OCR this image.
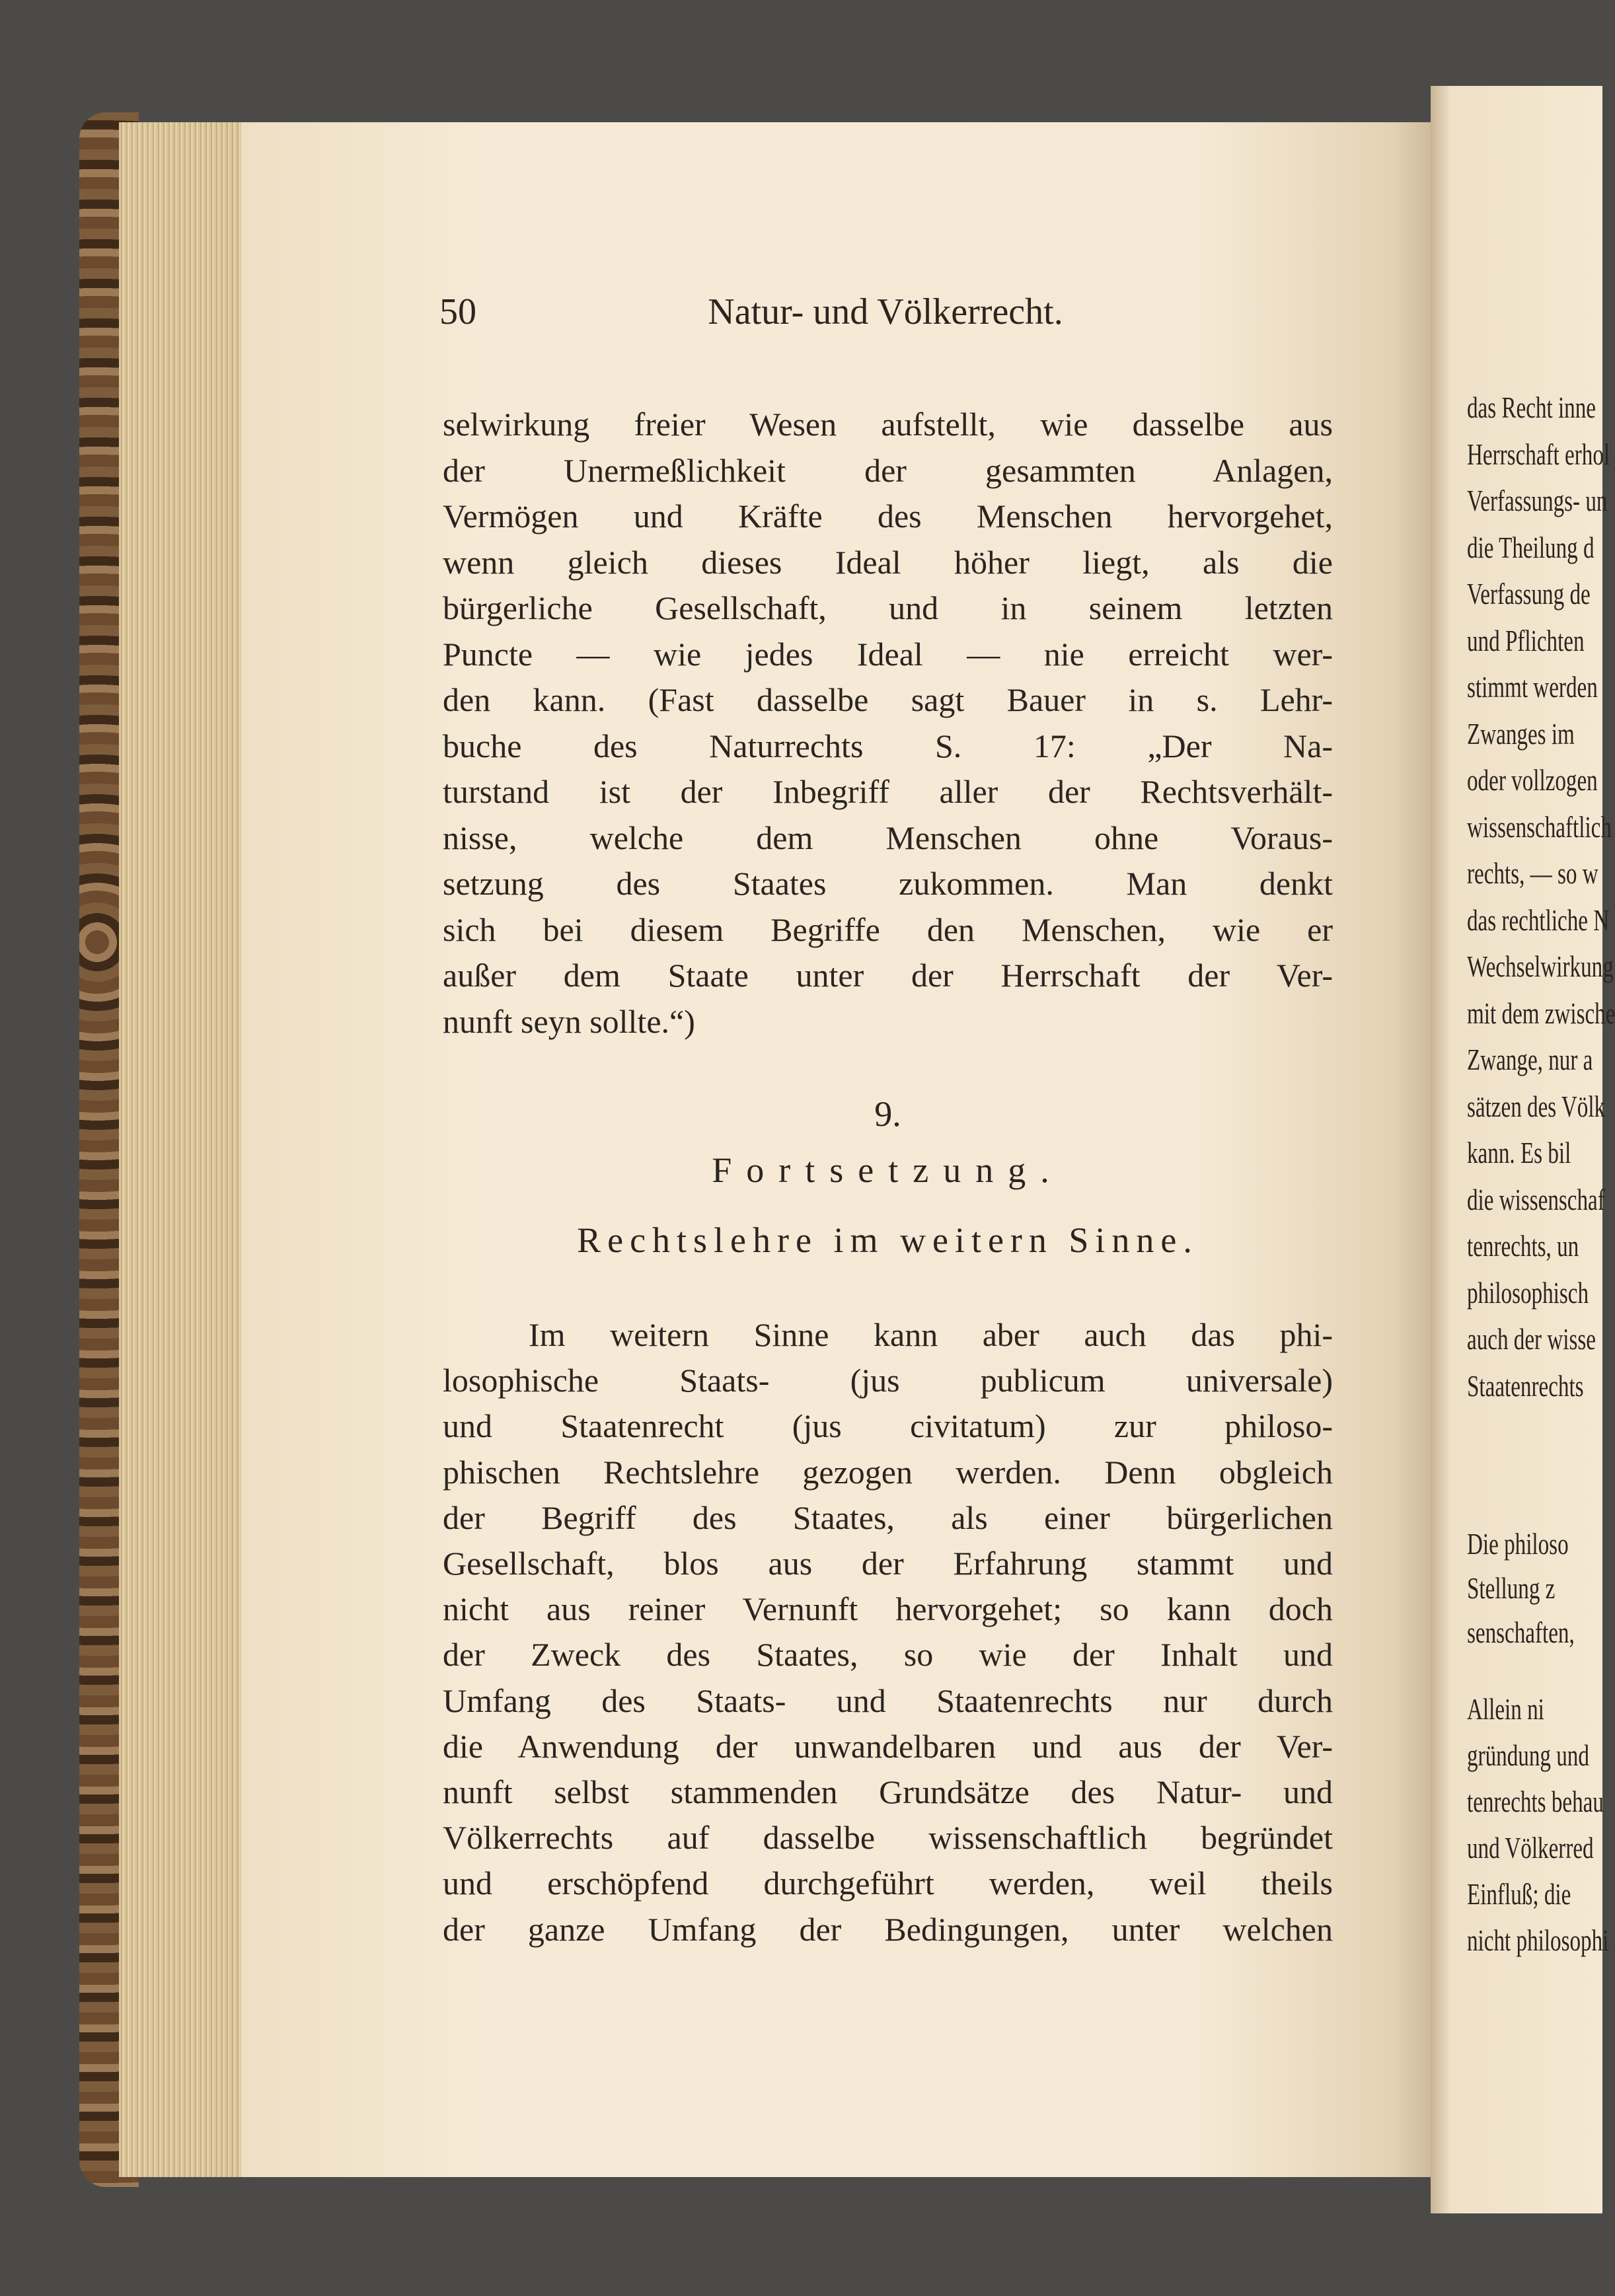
50	Natur- und Völkerrecht.
selwirkung freier Wesen aufstellt, wie dasselbe aus
der Unermeßlichkeit der gesammten Anlagen,
Vermögen und Kräfte des Menschen hervorgehet,
wenn gleich dieses Ideal höher liegt, als die
bürgerliche Gesellschaft, und in seinem letzten
Puncte — wie jedes Ideal — nie erreicht wer-
den kann. (Fast dasselbe sagt Bauer in s. Lehr-
buche des Naturrechts S. 17: „Der Na-
turstand ist der Inbegriff aller der Rechtsverhält-
nisse, welche dem Menschen ohne Voraus-
setzung des Staates zukommen. Man denkt
sich bei diesem Begriffe den Menschen, wie er
außer dem Staate unter der Herrschaft der Ver-
nunft seyn sollte.“)
9.
Fortsetzung.
Rechtslehre im weitern Sinne.
Im weitern Sinne kann aber auch das phi-
losophische Staats- (jus publicum universale)
und Staatenrecht (jus civitatum) zur philoso-
phischen Rechtslehre gezogen werden. Denn obgleich
der Begriff des Staates, als einer bürgerlichen
Gesellschaft, blos aus der Erfahrung stammt und
nicht aus reiner Vernunft hervorgehet; so kann doch
der Zweck des Staates, so wie der Inhalt und
Umfang des Staats- und Staatenrechts nur durch
die Anwendung der unwandelbaren und aus der Ver-
nunft selbst stammenden Grundsätze des Natur- und
Völkerrechts auf dasselbe wissenschaftlich begründet
und erschöpfend durchgeführt werden, weil theils
der ganze Umfang der Bedingungen, unter welchen
das Recht inne
Herrschaft erhol
Verfassungs- un
die Theilung d
Verfassung de
und Pflichten
stimmt werden
Zwanges im
oder vollzogen
wissenschaftlich
rechts, — so w
das rechtliche N
Wechselwirkung
mit dem zwische
Zwange, nur a
sätzen des Völk
kann. Es bil
die wissenschaf
tenrechts, un
philosophisch
auch der wisse
Staatenrechts
Die philoso
Stellung z
senschaften,
Allein ni
gründung und
tenrechts behau
und Völkerred
Einfluß; die
nicht philosophi
